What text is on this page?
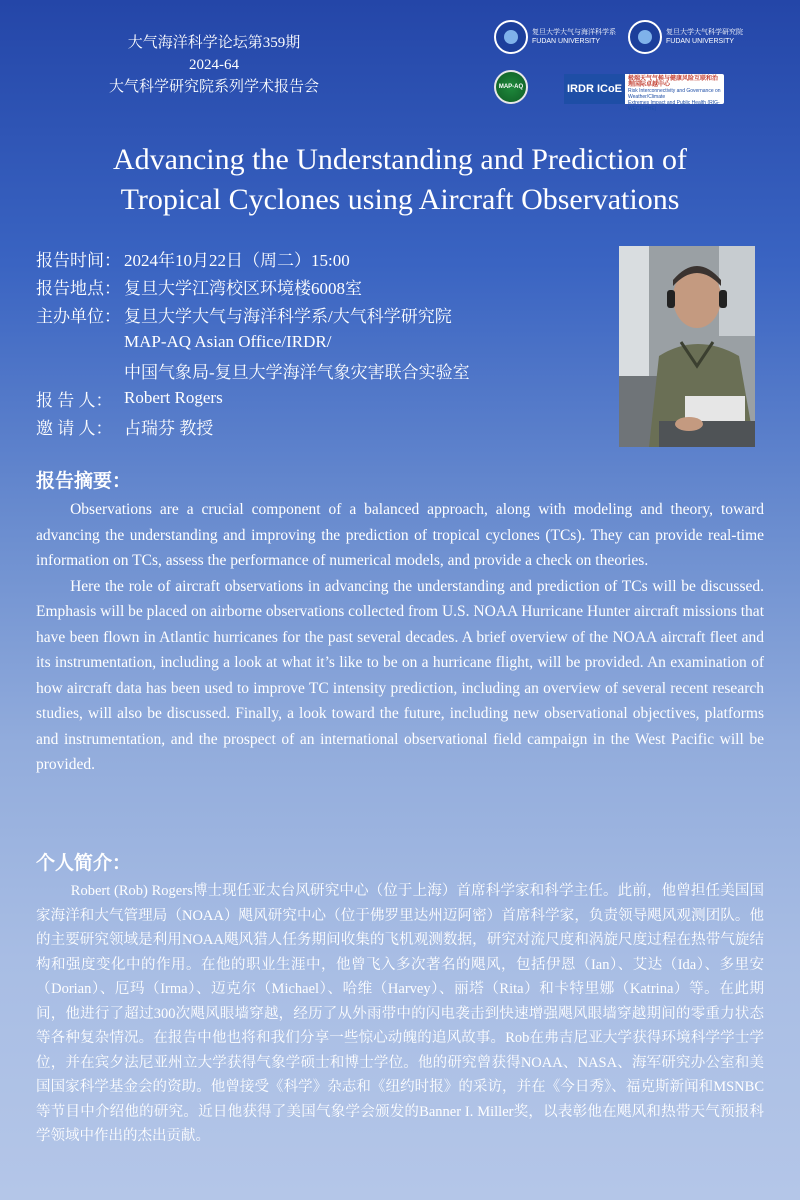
大气海洋科学论坛第359期
2024-64
大气科学研究院系列学术报告会
复旦大学大气与海洋科学系
FUDAN UNIVERSITY
复旦大学大气科学研究院
FUDAN UNIVERSITY
MAP-AQ	IRDR ICoE
极端天气气候与健康风险互联和治理国际卓越中心
Risk Interconnectivity and Governance on Weather/Climate
Extremes Impact and Public Health (RIG-WECEIPHE)
Advancing the Understanding and Prediction of
Tropical Cyclones using Aircraft Observations
报告时间： 2024年10月22日（周二）15:00
报告地点： 复旦大学江湾校区环境楼6008室
主办单位： 复旦大学大气与海洋科学系/大气科学研究院
MAP-AQ Asian Office/IRDR/
中国气象局-复旦大学海洋气象灾害联合实验室
报 告 人： Robert Rogers
邀 请 人： 占瑞芬 教授
报告摘要：

Observations are a crucial component of a balanced approach, along with modeling and theory, toward advancing the understanding and improving the prediction of tropical cyclones (TCs). They can provide real-time information on TCs, assess the performance of numerical models, and provide a check on theories.

Here the role of aircraft observations in advancing the understanding and prediction of TCs will be discussed. Emphasis will be placed on airborne observations collected from U.S. NOAA Hurricane Hunter aircraft missions that have been flown in Atlantic hurricanes for the past several decades. A brief overview of the NOAA aircraft fleet and its instrumentation, including a look at what it’s like to be on a hurricane flight, will be provided. An examination of how aircraft data has been used to improve TC intensity prediction, including an overview of several recent research studies, will also be discussed. Finally, a look toward the future, including new observational objectives, platforms and instrumentation, and the prospect of an international observational field campaign in the West Pacific will be provided.

个人简介：

Robert (Rob) Rogers博士现任亚太台风研究中心（位于上海）首席科学家和科学主任。此前，他曾担任美国国家海洋和大气管理局（NOAA）飓风研究中心（位于佛罗里达州迈阿密）首席科学家，负责领导飓风观测团队。他的主要研究领域是利用NOAA飓风猎人任务期间收集的飞机观测数据，研究对流尺度和涡旋尺度过程在热带气旋结构和强度变化中的作用。在他的职业生涯中，他曾飞入多次著名的飓风，包括伊恩（Ian）、艾达（Ida）、多里安（Dorian）、厄玛（Irma）、迈克尔（Michael）、哈维（Harvey）、丽塔（Rita）和卡特里娜（Katrina）等。在此期间，他进行了超过300次飓风眼墙穿越，经历了从外雨带中的闪电袭击到快速增强飓风眼墙穿越期间的零重力状态等各种复杂情况。在报告中他也将和我们分享一些惊心动魄的追风故事。Rob在弗吉尼亚大学获得环境科学学士学位，并在宾夕法尼亚州立大学获得气象学硕士和博士学位。他的研究曾获得NOAA、NASA、海军研究办公室和美国国家科学基金会的资助。他曾接受《科学》杂志和《纽约时报》的采访，并在《今日秀》、福克斯新闻和MSNBC等节目中介绍他的研究。近日他获得了美国气象学会颁发的Banner I. Miller奖，以表彰他在飓风和热带天气预报科学领域中作出的杰出贡献。
